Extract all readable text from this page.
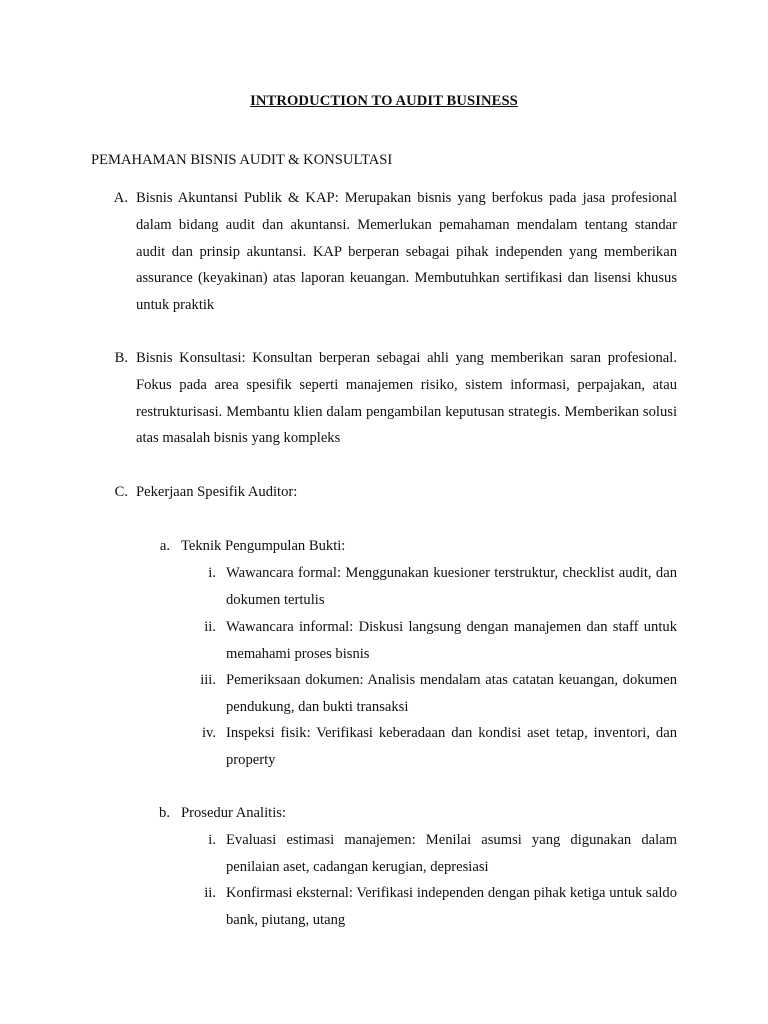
INTRODUCTION TO AUDIT BUSINESS
PEMAHAMAN BISNIS AUDIT & KONSULTASI
A. Bisnis Akuntansi Publik & KAP: Merupakan bisnis yang berfokus pada jasa profesional dalam bidang audit dan akuntansi. Memerlukan pemahaman mendalam tentang standar audit dan prinsip akuntansi. KAP berperan sebagai pihak independen yang memberikan assurance (keyakinan) atas laporan keuangan. Membutuhkan sertifikasi dan lisensi khusus untuk praktik
B. Bisnis Konsultasi: Konsultan berperan sebagai ahli yang memberikan saran profesional. Fokus pada area spesifik seperti manajemen risiko, sistem informasi, perpajakan, atau restrukturisasi. Membantu klien dalam pengambilan keputusan strategis. Memberikan solusi atas masalah bisnis yang kompleks
C. Pekerjaan Spesifik Auditor:
a. Teknik Pengumpulan Bukti:
i. Wawancara formal: Menggunakan kuesioner terstruktur, checklist audit, dan dokumen tertulis
ii. Wawancara informal: Diskusi langsung dengan manajemen dan staff untuk memahami proses bisnis
iii. Pemeriksaan dokumen: Analisis mendalam atas catatan keuangan, dokumen pendukung, dan bukti transaksi
iv. Inspeksi fisik: Verifikasi keberadaan dan kondisi aset tetap, inventori, dan property
b. Prosedur Analitis:
i. Evaluasi estimasi manajemen: Menilai asumsi yang digunakan dalam penilaian aset, cadangan kerugian, depresiasi
ii. Konfirmasi eksternal: Verifikasi independen dengan pihak ketiga untuk saldo bank, piutang, utang
